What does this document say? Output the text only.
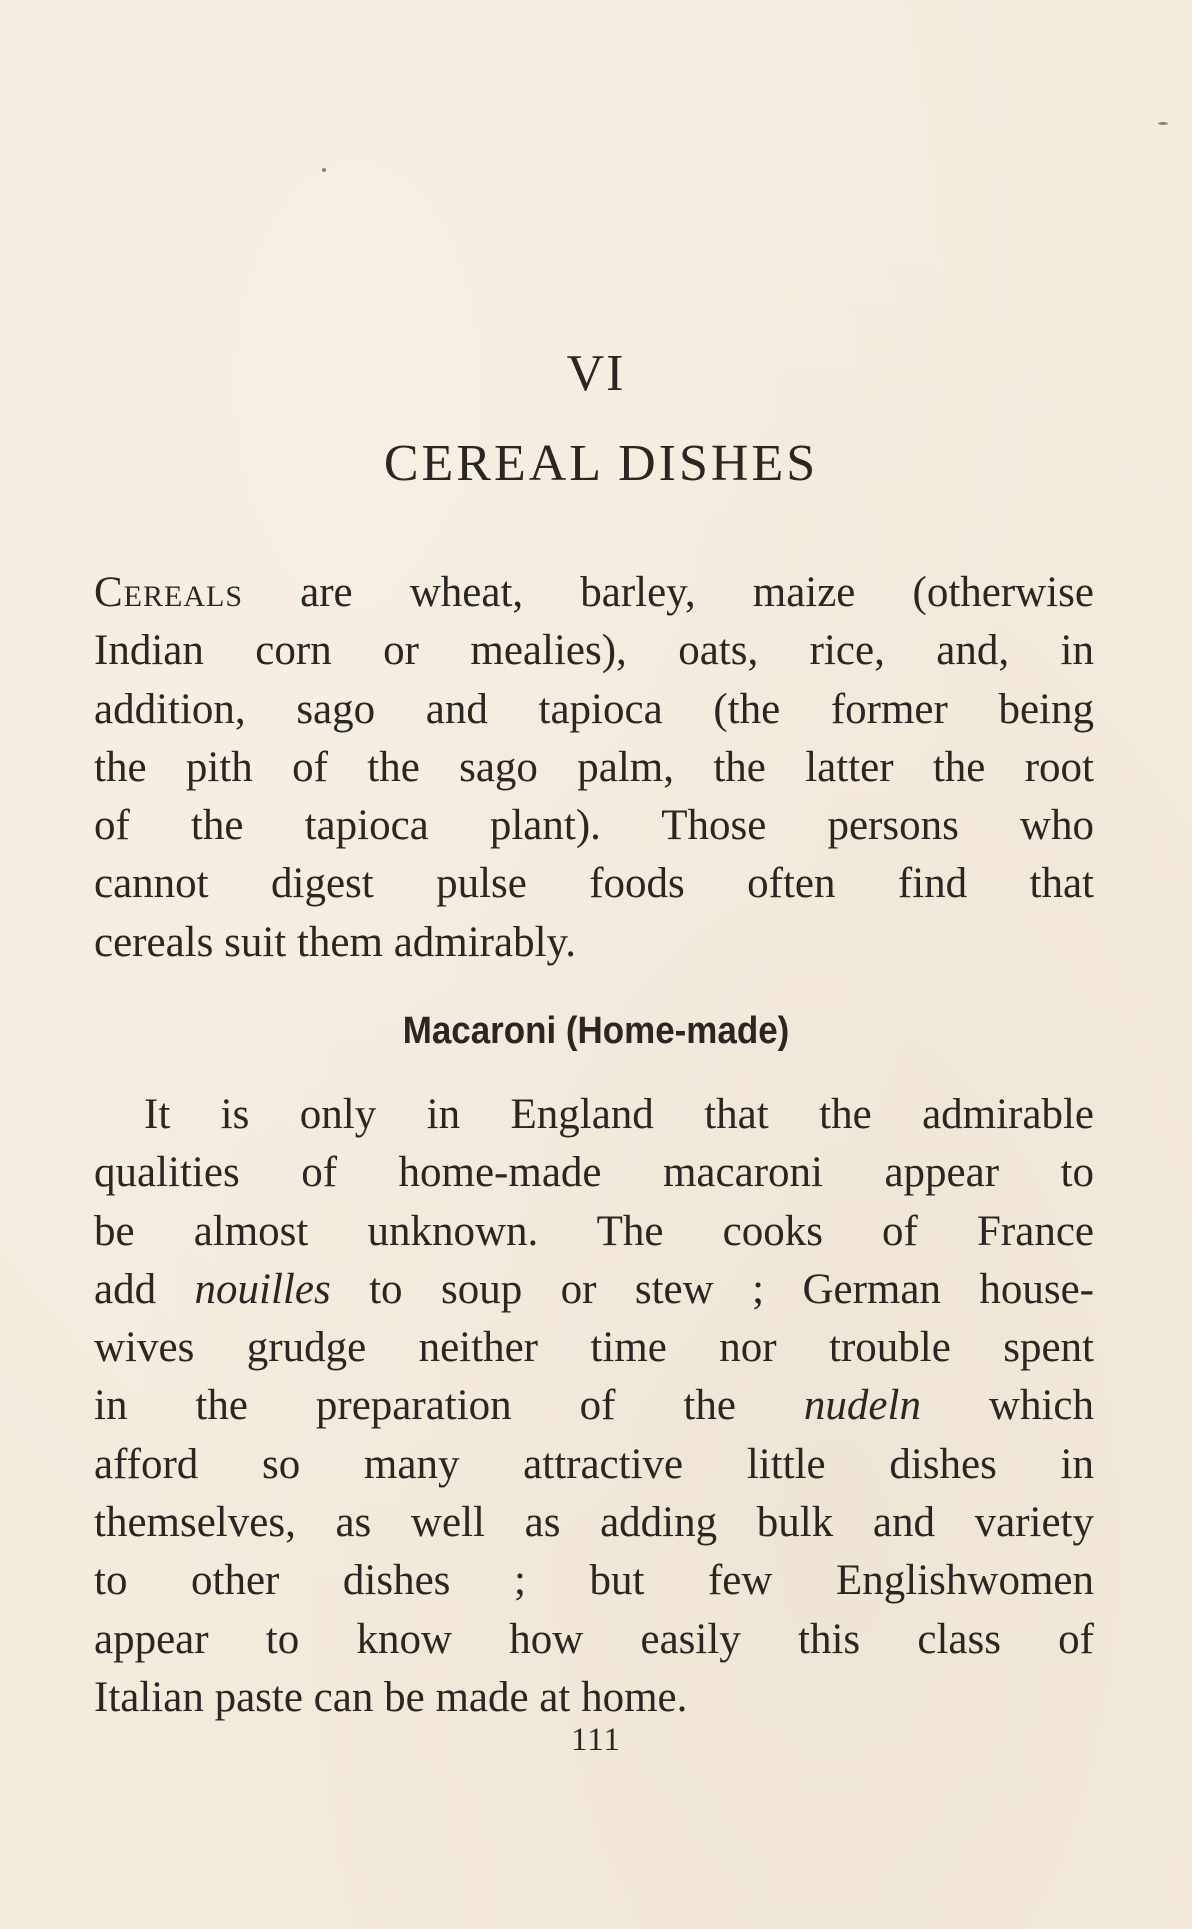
VI
CEREAL DISHES
Cereals are wheat, barley, maize (otherwise
Indian corn or mealies), oats, rice, and, in
addition, sago and tapioca (the former being
the pith of the sago palm, the latter the root
of the tapioca plant). Those persons who
cannot digest pulse foods often find that
cereals suit them admirably.
Macaroni (Home-made)
It is only in England that the admirable
qualities of home-made macaroni appear to
be almost unknown. The cooks of France
add nouilles to soup or stew ; German house-
wives grudge neither time nor trouble spent
in the preparation of the nudeln which
afford so many attractive little dishes in
themselves, as well as adding bulk and variety
to other dishes ; but few Englishwomen
appear to know how easily this class of
Italian paste can be made at home.
111
